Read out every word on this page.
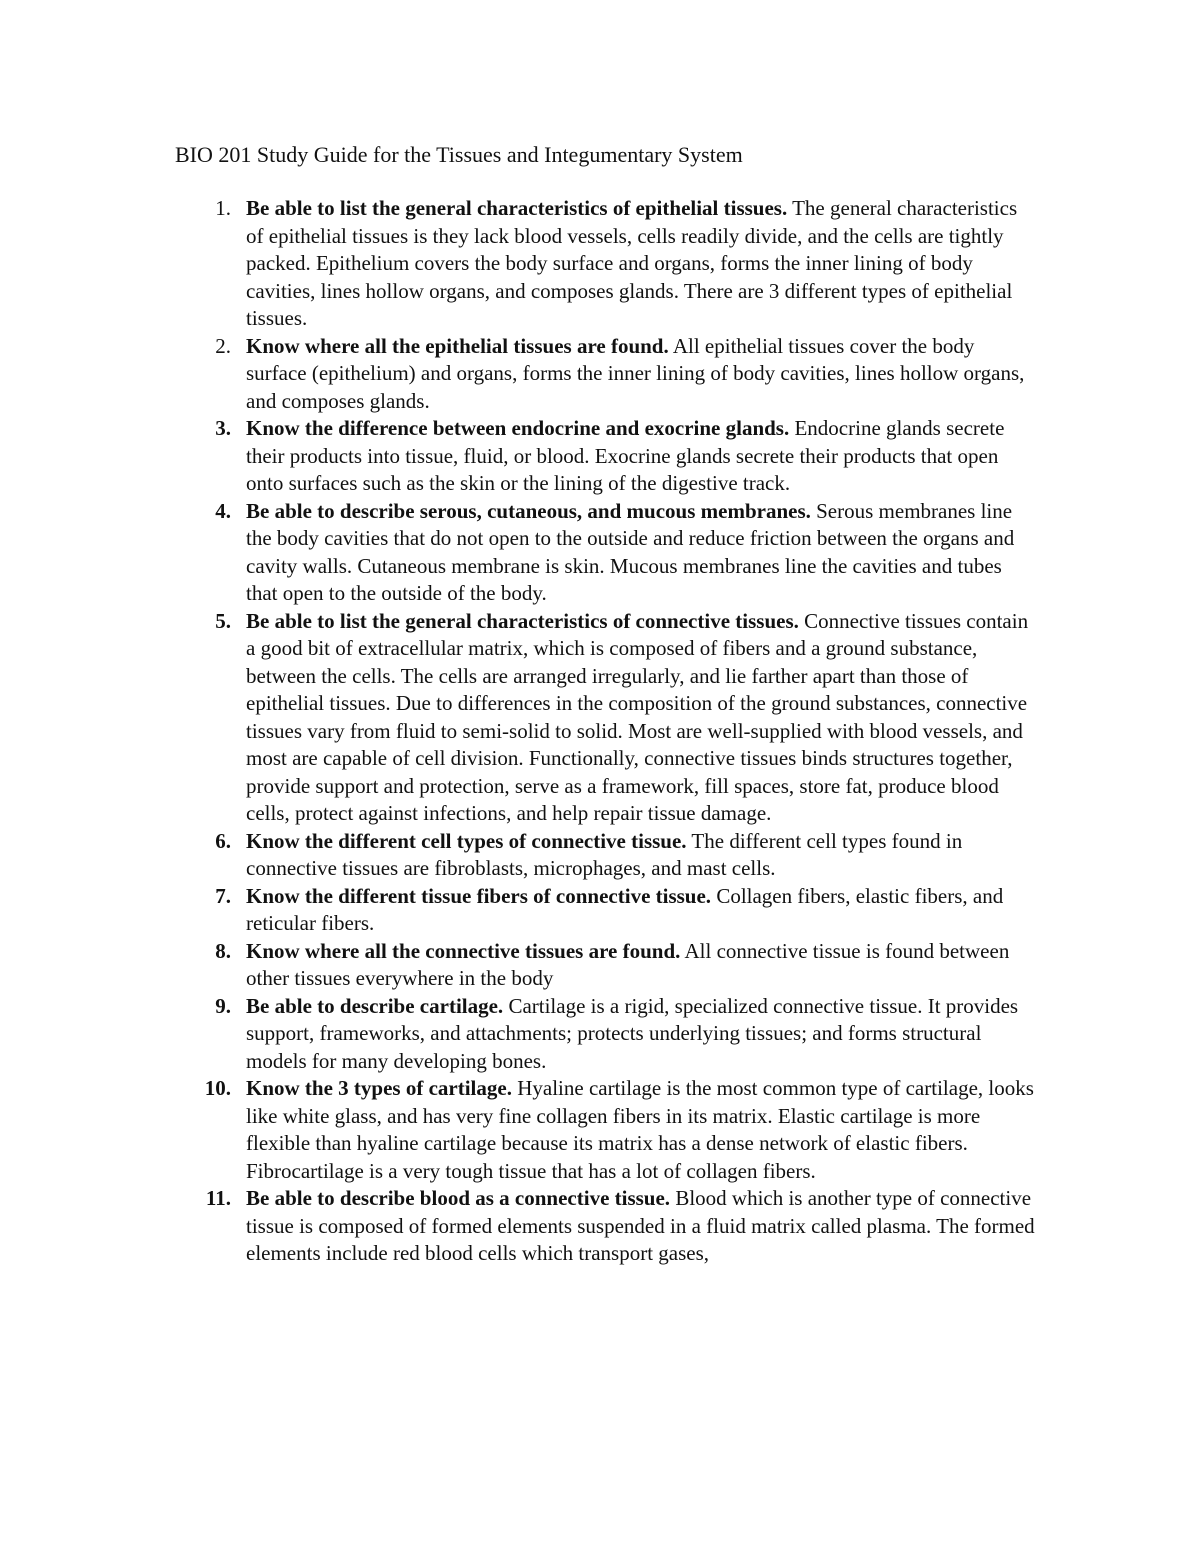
BIO 201 Study Guide for the Tissues and Integumentary System
1. Be able to list the general characteristics of epithelial tissues. The general characteristics of epithelial tissues is they lack blood vessels, cells readily divide, and the cells are tightly packed. Epithelium covers the body surface and organs, forms the inner lining of body cavities, lines hollow organs, and composes glands. There are 3 different types of epithelial tissues.
2. Know where all the epithelial tissues are found. All epithelial tissues cover the body surface (epithelium) and organs, forms the inner lining of body cavities, lines hollow organs, and composes glands.
3. Know the difference between endocrine and exocrine glands. Endocrine glands secrete their products into tissue, fluid, or blood. Exocrine glands secrete their products that open onto surfaces such as the skin or the lining of the digestive track.
4. Be able to describe serous, cutaneous, and mucous membranes. Serous membranes line the body cavities that do not open to the outside and reduce friction between the organs and cavity walls. Cutaneous membrane is skin. Mucous membranes line the cavities and tubes that open to the outside of the body.
5. Be able to list the general characteristics of connective tissues. Connective tissues contain a good bit of extracellular matrix, which is composed of fibers and a ground substance, between the cells. The cells are arranged irregularly, and lie farther apart than those of epithelial tissues. Due to differences in the composition of the ground substances, connective tissues vary from fluid to semi-solid to solid. Most are well-supplied with blood vessels, and most are capable of cell division. Functionally, connective tissues binds structures together, provide support and protection, serve as a framework, fill spaces, store fat, produce blood cells, protect against infections, and help repair tissue damage.
6. Know the different cell types of connective tissue. The different cell types found in connective tissues are fibroblasts, microphages, and mast cells.
7. Know the different tissue fibers of connective tissue. Collagen fibers, elastic fibers, and reticular fibers.
8. Know where all the connective tissues are found. All connective tissue is found between other tissues everywhere in the body
9. Be able to describe cartilage. Cartilage is a rigid, specialized connective tissue. It provides support, frameworks, and attachments; protects underlying tissues; and forms structural models for many developing bones.
10. Know the 3 types of cartilage. Hyaline cartilage is the most common type of cartilage, looks like white glass, and has very fine collagen fibers in its matrix. Elastic cartilage is more flexible than hyaline cartilage because its matrix has a dense network of elastic fibers. Fibrocartilage is a very tough tissue that has a lot of collagen fibers.
11. Be able to describe blood as a connective tissue. Blood which is another type of connective tissue is composed of formed elements suspended in a fluid matrix called plasma. The formed elements include red blood cells which transport gases,
